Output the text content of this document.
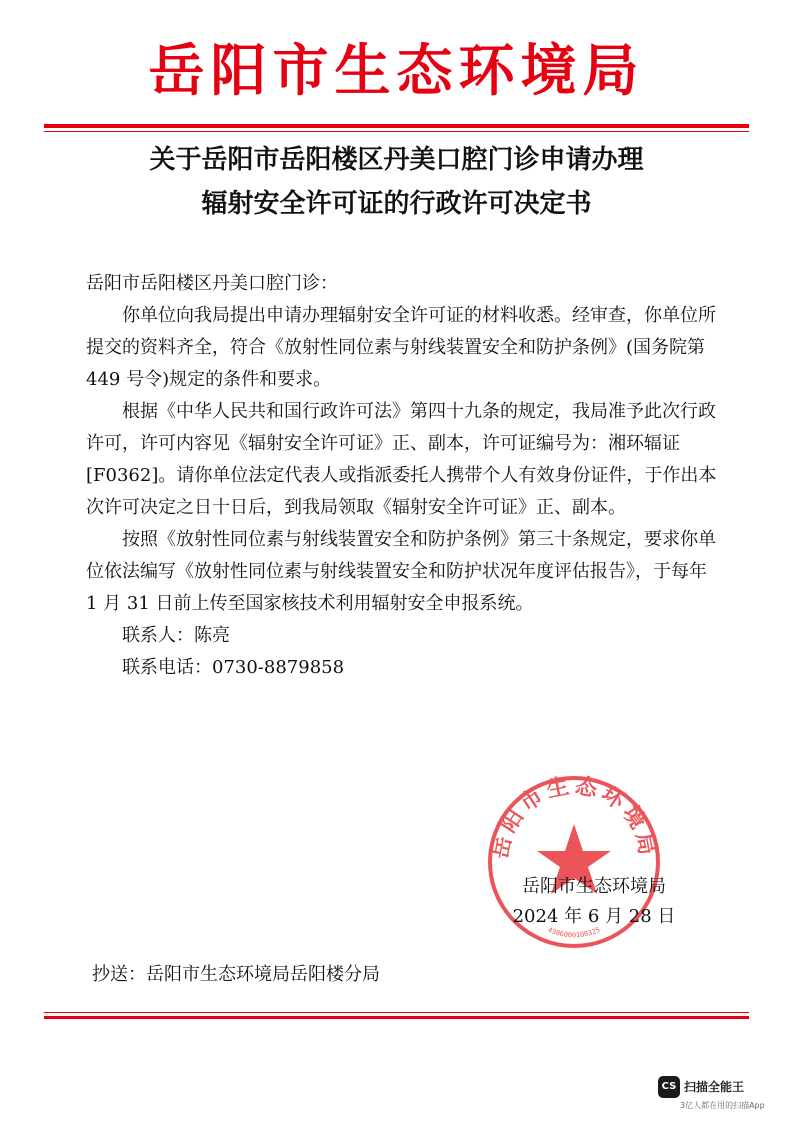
岳阳市生态环境局
关于岳阳市岳阳楼区丹美口腔门诊申请办理
辐射安全许可证的行政许可决定书

岳阳市岳阳楼区丹美口腔门诊：

你单位向我局提出申请办理辐射安全许可证的材料收悉。经审查，你单位所提交的资料齐全，符合《放射性同位素与射线装置安全和防护条例》(国务院第 449 号令)规定的条件和要求。

根据《中华人民共和国行政许可法》第四十九条的规定，我局准予此次行政许可，许可内容见《辐射安全许可证》正、副本，许可证编号为：湘环辐证[F0362]。请你单位法定代表人或指派委托人携带个人有效身份证件，于作出本次许可决定之日十日后，到我局领取《辐射安全许可证》正、副本。

按照《放射性同位素与射线装置安全和防护条例》第三十条规定，要求你单位依法编写《放射性同位素与射线装置安全和防护状况年度评估报告》，于每年 1 月 31 日前上传至国家核技术利用辐射安全申报系统。

联系人：陈亮

联系电话：0730-8879858

岳阳市生态环境局
4306000100325
岳阳市生态环境局
2024 年 6 月 28 日
抄送：岳阳市生态环境局岳阳楼分局
CS 扫描全能王
3亿人都在用的扫描App
